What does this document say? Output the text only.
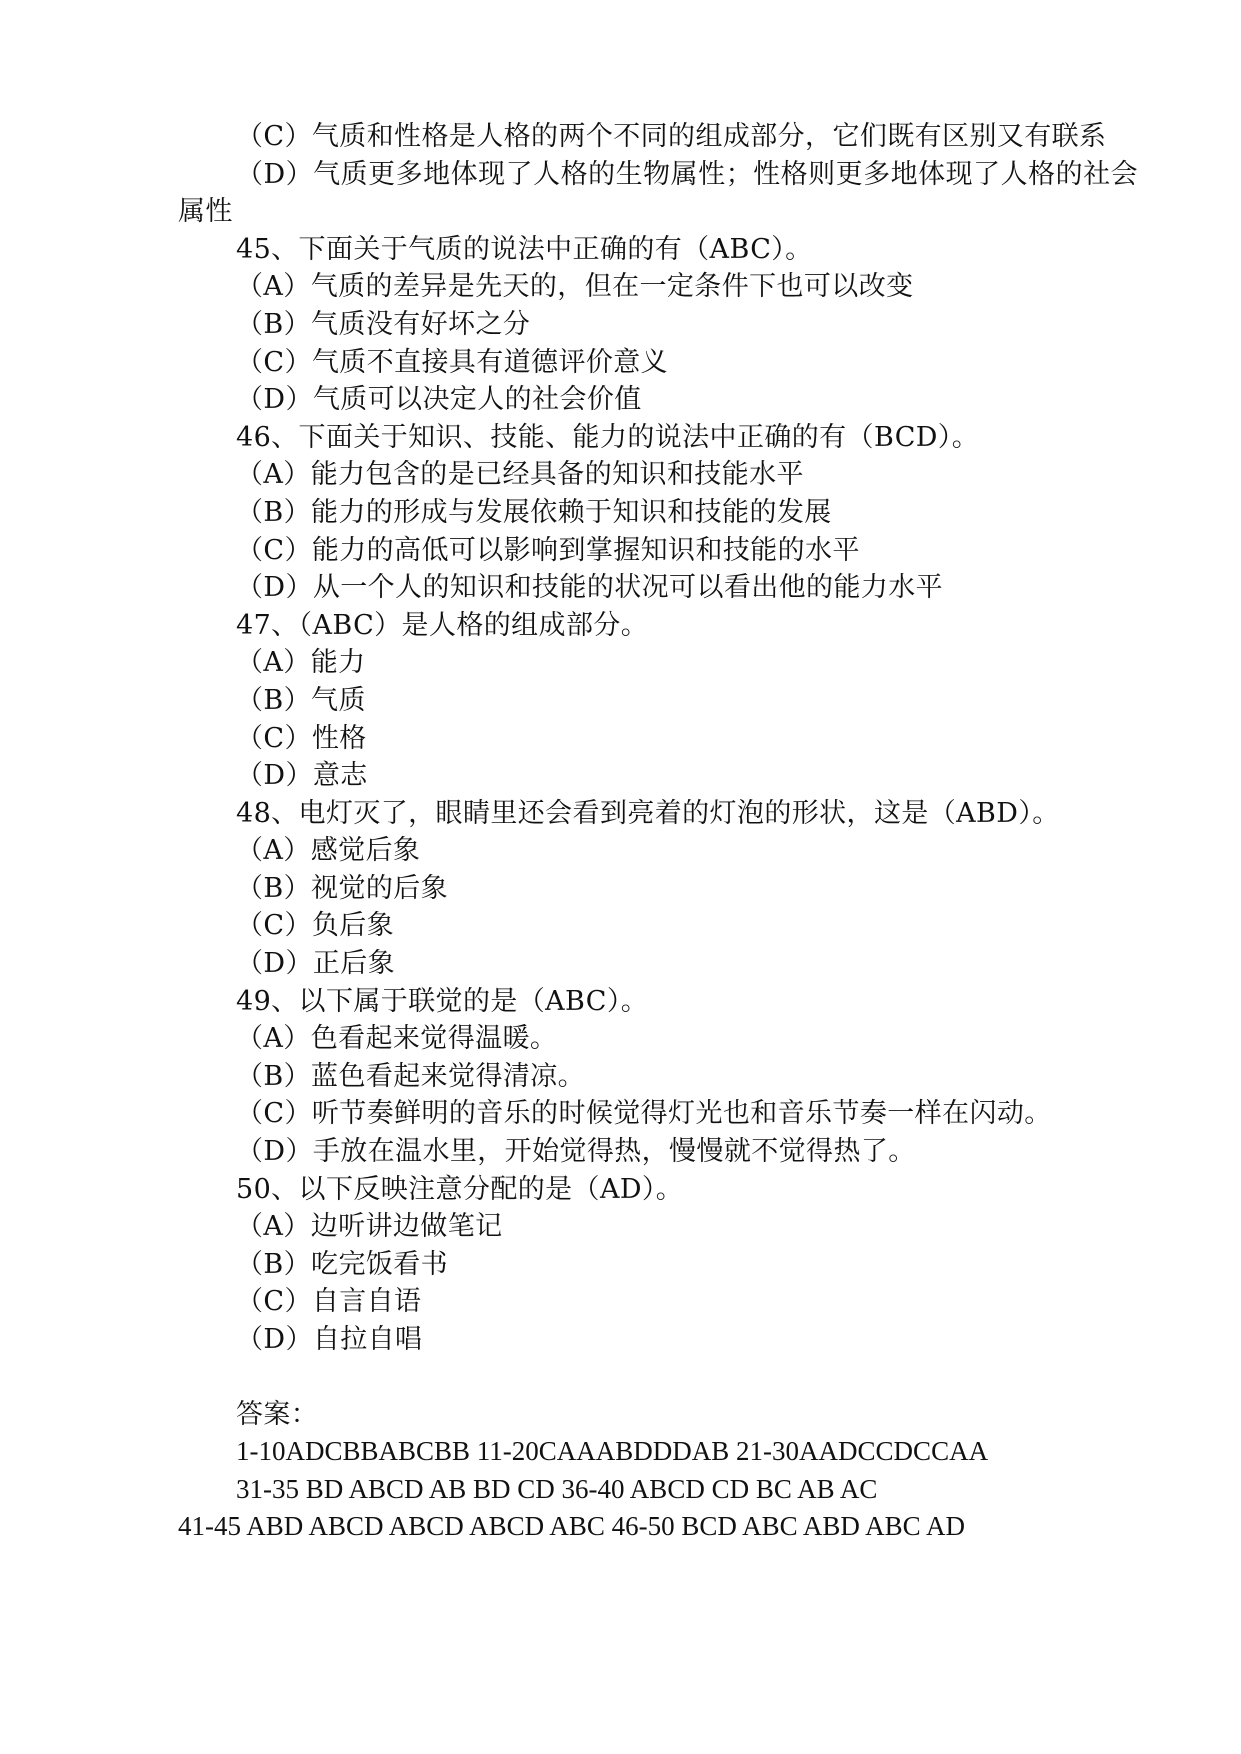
（C）气质和性格是人格的两个不同的组成部分，它们既有区别又有联系
（D）气质更多地体现了人格的生物属性；性格则更多地体现了人格的社会属性
45、下面关于气质的说法中正确的有（ABC）。
（A）气质的差异是先天的，但在一定条件下也可以改变
（B）气质没有好坏之分
（C）气质不直接具有道德评价意义
（D）气质可以决定人的社会价值
46、下面关于知识、技能、能力的说法中正确的有（BCD）。
（A）能力包含的是已经具备的知识和技能水平
（B）能力的形成与发展依赖于知识和技能的发展
（C）能力的高低可以影响到掌握知识和技能的水平
（D）从一个人的知识和技能的状况可以看出他的能力水平
47、（ABC）是人格的组成部分。
（A）能力
（B）气质
（C）性格
（D）意志
48、电灯灭了，眼睛里还会看到亮着的灯泡的形状，这是（ABD）。
（A）感觉后象
（B）视觉的后象
（C）负后象
（D）正后象
49、以下属于联觉的是（ABC）。
（A）色看起来觉得温暖。
（B）蓝色看起来觉得清凉。
（C）听节奏鲜明的音乐的时候觉得灯光也和音乐节奏一样在闪动。
（D）手放在温水里，开始觉得热，慢慢就不觉得热了。
50、以下反映注意分配的是（AD）。
（A）边听讲边做笔记
（B）吃完饭看书
（C）自言自语
（D）自拉自唱
答案：
1-10ADCBBABCBB 11-20CAAABDDDAB 21-30AADCCDCCAA
31-35 BD ABCD AB BD CD 36-40 ABCD CD BC AB AC
41-45 ABD ABCD ABCD ABCD ABC 46-50 BCD ABC ABD ABC AD
